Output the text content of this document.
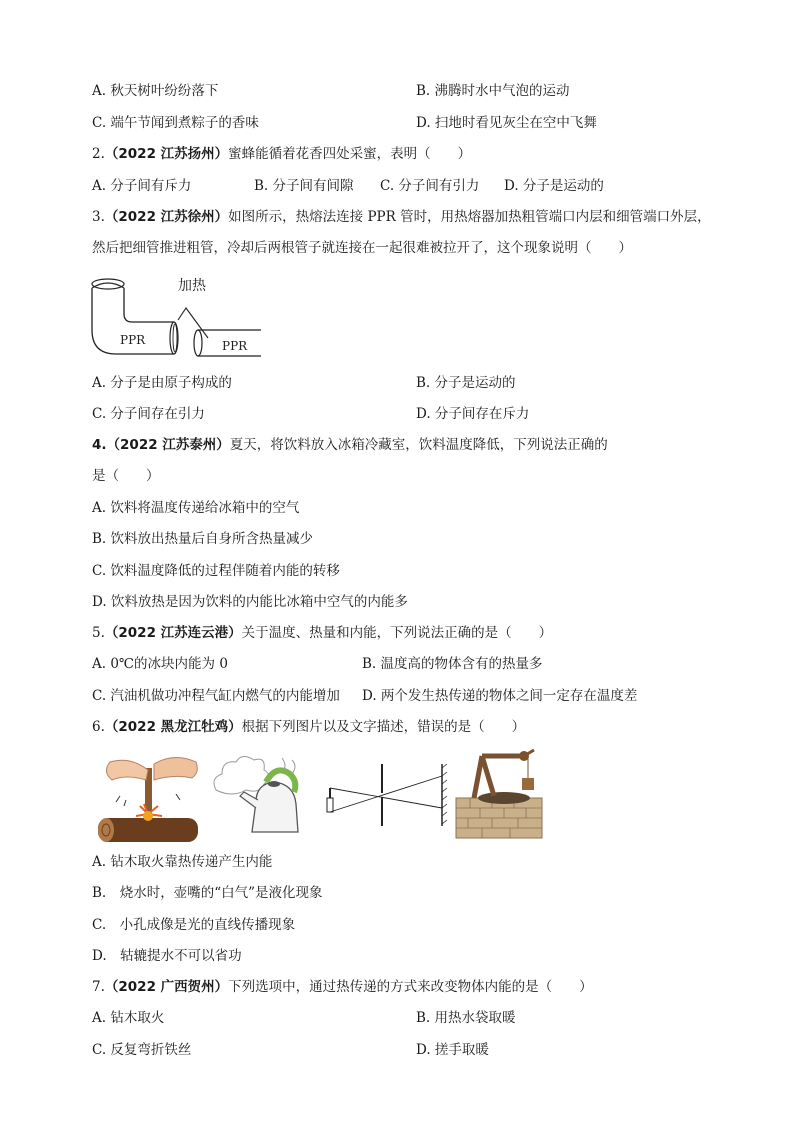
A. 秋天树叶纷纷落下	B. 沸腾时水中气泡的运动
C. 端午节闻到煮粽子的香味	D. 扫地时看见灰尘在空中飞舞
2.（2022 江苏扬州）蜜蜂能循着花香四处采蜜，表明（　　）
A. 分子间有斥力	B. 分子间有间隙 C. 分子间有引力 D. 分子是运动的
3.（2022 江苏徐州）如图所示，热熔法连接 PPR 管时，用热熔器加热粗管端口内层和细管端口外层，
然后把细管推进粗管，冷却后两根管子就连接在一起很难被拉开了，这个现象说明（　　）
加热
PPR	PPR
A. 分子是由原子构成的	B. 分子是运动的
C. 分子间存在引力	D. 分子间存在斥力
4.（2022 江苏泰州）夏天，将饮料放入冰箱冷藏室，饮料温度降低，下列说法正确的
是（　　）
A. 饮料将温度传递给冰箱中的空气
B. 饮料放出热量后自身所含热量减少
C. 饮料温度降低的过程伴随着内能的转移
D. 饮料放热是因为饮料的内能比冰箱中空气的内能多
5.（2022 江苏连云港）关于温度、热量和内能，下列说法正确的是（　　）
A. 0℃的冰块内能为 0	B. 温度高的物体含有的热量多
C. 汽油机做功冲程气缸内燃气的内能增加 D. 两个发生热传递的物体之间一定存在温度差
6.（2022 黑龙江牡鸡）根据下列图片以及文字描述，错误的是（　　）
A. 钻木取火靠热传递产生内能
B.　烧水时，壶嘴的“白气”是液化现象
C.　小孔成像是光的直线传播现象
D.　轱辘提水不可以省功
7.（2022 广西贺州）下列选项中，通过热传递的方式来改变物体内能的是（　　）
A. 钻木取火	B. 用热水袋取暖
C. 反复弯折铁丝	D. 搓手取暖
